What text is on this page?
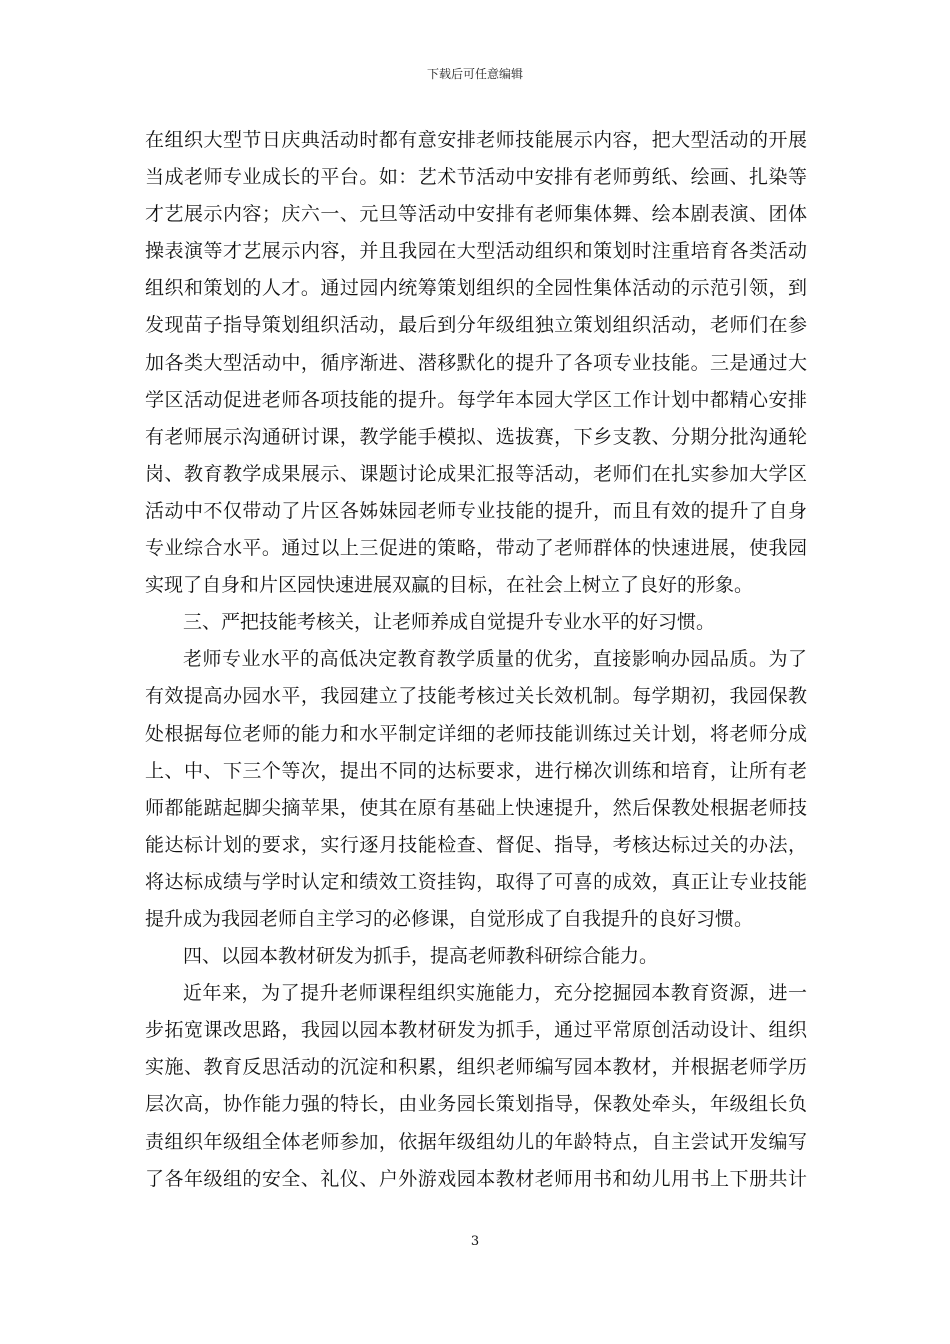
下载后可任意编辑
在组织大型节日庆典活动时都有意安排老师技能展示内容，把大型活动的开展
当成老师专业成长的平台。如：艺术节活动中安排有老师剪纸、绘画、扎染等
才艺展示内容；庆六一、元旦等活动中安排有老师集体舞、绘本剧表演、团体
操表演等才艺展示内容，并且我园在大型活动组织和策划时注重培育各类活动
组织和策划的人才。通过园内统筹策划组织的全园性集体活动的示范引领，到
发现苗子指导策划组织活动，最后到分年级组独立策划组织活动，老师们在参
加各类大型活动中，循序渐进、潜移默化的提升了各项专业技能。三是通过大
学区活动促进老师各项技能的提升。每学年本园大学区工作计划中都精心安排
有老师展示沟通研讨课，教学能手模拟、选拔赛，下乡支教、分期分批沟通轮
岗、教育教学成果展示、课题讨论成果汇报等活动，老师们在扎实参加大学区
活动中不仅带动了片区各姊妹园老师专业技能的提升，而且有效的提升了自身
专业综合水平。通过以上三促进的策略，带动了老师群体的快速进展，使我园
实现了自身和片区园快速进展双赢的目标，在社会上树立了良好的形象。
三、严把技能考核关，让老师养成自觉提升专业水平的好习惯。
老师专业水平的高低决定教育教学质量的优劣，直接影响办园品质。为了
有效提高办园水平，我园建立了技能考核过关长效机制。每学期初，我园保教
处根据每位老师的能力和水平制定详细的老师技能训练过关计划，将老师分成
上、中、下三个等次，提出不同的达标要求，进行梯次训练和培育，让所有老
师都能踮起脚尖摘苹果，使其在原有基础上快速提升，然后保教处根据老师技
能达标计划的要求，实行逐月技能检查、督促、指导，考核达标过关的办法，
将达标成绩与学时认定和绩效工资挂钩，取得了可喜的成效，真正让专业技能
提升成为我园老师自主学习的必修课，自觉形成了自我提升的良好习惯。
四、以园本教材研发为抓手，提高老师教科研综合能力。
近年来，为了提升老师课程组织实施能力，充分挖掘园本教育资源，进一
步拓宽课改思路，我园以园本教材研发为抓手，通过平常原创活动设计、组织
实施、教育反思活动的沉淀和积累，组织老师编写园本教材，并根据老师学历
层次高，协作能力强的特长，由业务园长策划指导，保教处牵头，年级组长负
责组织年级组全体老师参加，依据年级组幼儿的年龄特点，自主尝试开发编写
了各年级组的安全、礼仪、户外游戏园本教材老师用书和幼儿用书上下册共计
3
